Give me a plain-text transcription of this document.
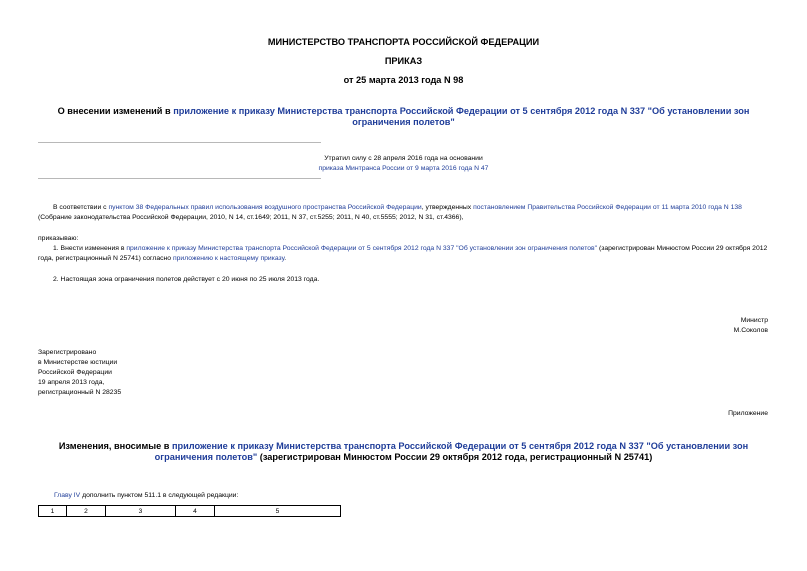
МИНИСТЕРСТВО ТРАНСПОРТА РОССИЙСКОЙ ФЕДЕРАЦИИ
ПРИКАЗ
от 25 марта 2013 года N 98
О внесении изменений в приложение к приказу Министерства транспорта Российской Федерации от 5 сентября 2012 года N 337 "Об установлении зон ограничения полетов"
Утратил силу с 28 апреля 2016 года на основании
приказа Минтранса России от 9 марта 2016 года N 47
В соответствии с пунктом 38 Федеральных правил использования воздушного пространства Российской Федерации, утвержденных постановлением Правительства Российской Федерации от 11 марта 2010 года N 138 (Собрание законодательства Российской Федерации, 2010, N 14, ст.1649; 2011, N 37, ст.5255; 2011, N 40, ст.5555; 2012, N 31, ст.4366),
приказываю:
1. Внести изменения в приложение к приказу Министерства транспорта Российской Федерации от 5 сентября 2012 года N 337 "Об установлении зон ограничения полетов" (зарегистрирован Минюстом России 29 октября 2012 года, регистрационный N 25741) согласно приложению к настоящему приказу.
2. Настоящая зона ограничения полетов действует с 20 июня по 25 июля 2013 года.
Министр
М.Соколов
Зарегистрировано
в Министерстве юстиции
Российской Федерации
19 апреля 2013 года,
регистрационный N 28235
Приложение
Изменения, вносимые в приложение к приказу Министерства транспорта Российской Федерации от 5 сентября 2012 года N 337 "Об установлении зон ограничения полетов" (зарегистрирован Минюстом России 29 октября 2012 года, регистрационный N 25741)
Главу IV дополнить пунктом 511.1 в следующей редакции:
1	2	3	4	5
